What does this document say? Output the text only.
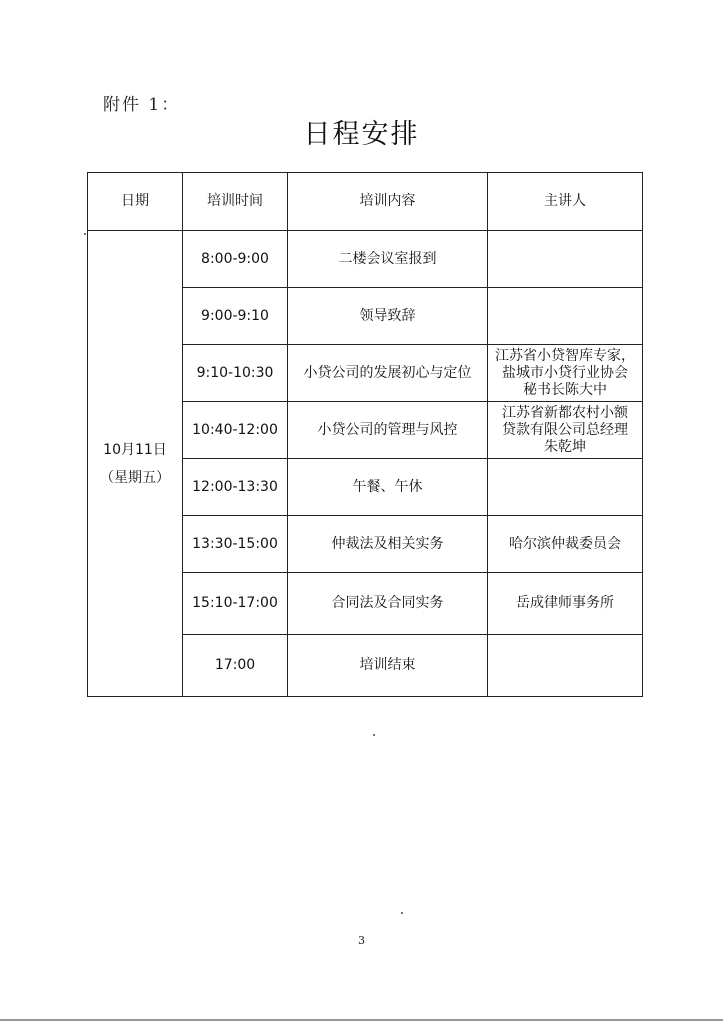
附件 1：
日程安排
日期	培训时间	培训内容	主讲人

10月11日
（星期五）	8:00-9:00	二楼会议室报到	
	9:00-9:10	领导致辞	
	9:10-10:30	小贷公司的发展初心与定位	江苏省小贷智库专家，
盐城市小贷行业协会
秘书长陈大中

	10:40-12:00	小贷公司的管理与风控	江苏省新都农村小额
贷款有限公司总经理
朱乾坤

	12:00-13:30	午餐、午休	
	13:30-15:00	仲裁法及相关实务	哈尔滨仲裁委员会

	15:10-17:00	合同法及合同实务	岳成律师事务所

	17:00	培训结束	
3
